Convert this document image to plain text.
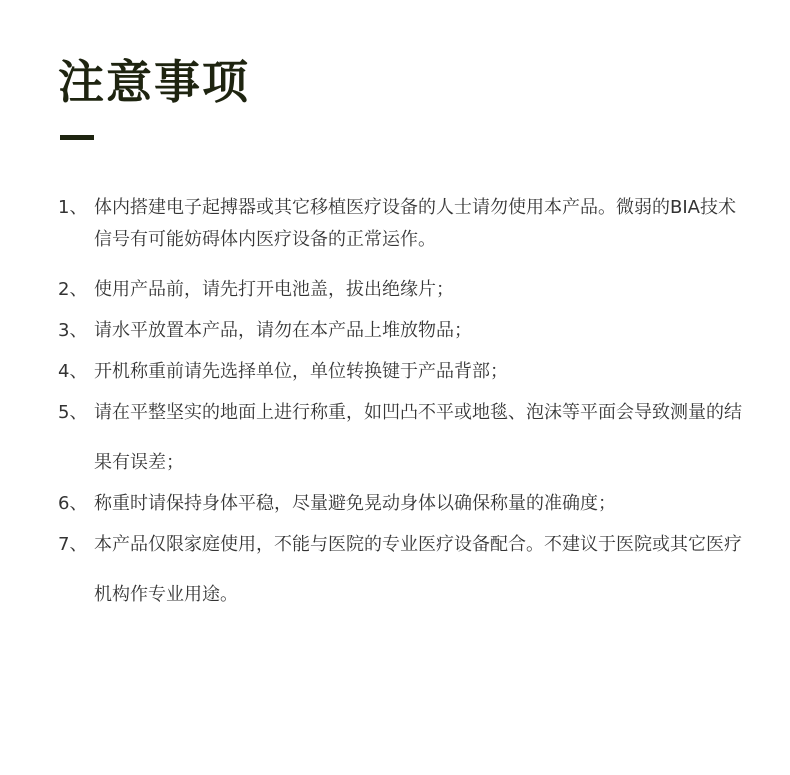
注意事项
1、 体内搭建电子起搏器或其它移植医疗设备的人士请勿使用本产品。微弱的BIA技术信号有可能妨碍体内医疗设备的正常运作。
2、 使用产品前，请先打开电池盖，拔出绝缘片；
3、 请水平放置本产品，请勿在本产品上堆放物品；
4、 开机称重前请先选择单位，单位转换键于产品背部；
5、 请在平整坚实的地面上进行称重，如凹凸不平或地毯、泡沫等平面会导致测量的结果有误差；
6、 称重时请保持身体平稳，尽量避免晃动身体以确保称量的准确度；
7、 本产品仅限家庭使用，不能与医院的专业医疗设备配合。不建议于医院或其它医疗机构作专业用途。
